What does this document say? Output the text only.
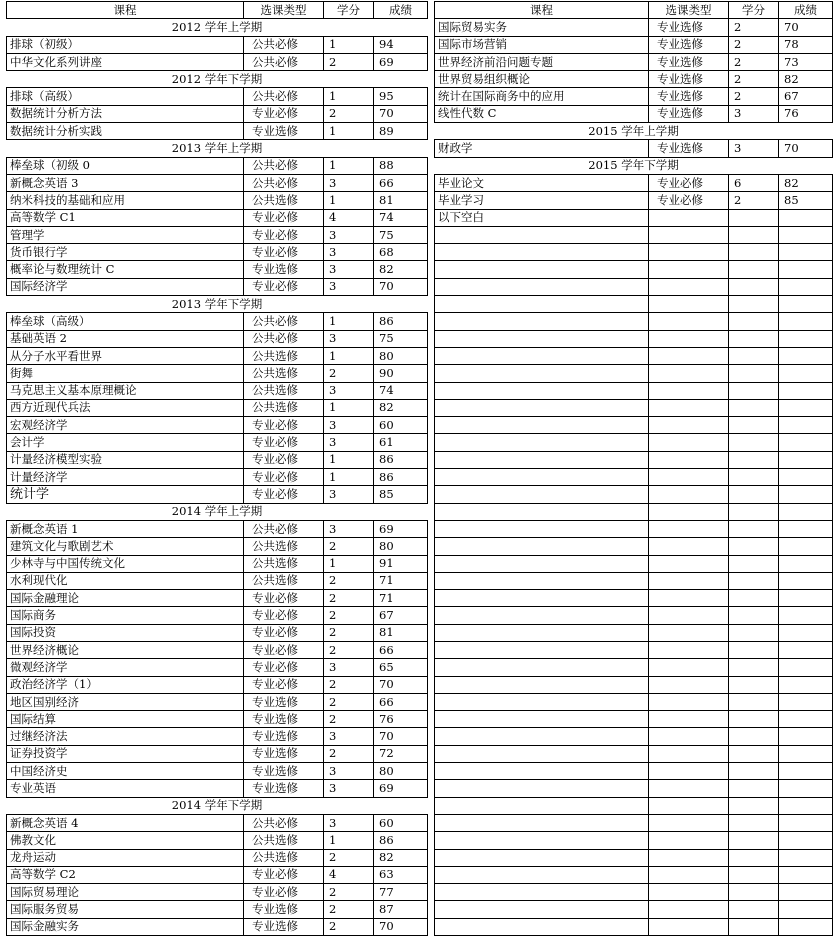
课程	选课类型	学分	成绩
2012 学年上学期			
排球（初级）	公共必修	1	94
中华文化系列讲座	公共必修	2	69
2012 学年下学期			
排球（高级）	公共必修	1	95
数据统计分析方法	专业必修	2	70
数据统计分析实践	专业选修	1	89
2013 学年上学期			
棒垒球（初级 0	公共必修	1	88
新概念英语 3	公共必修	3	66
纳米科技的基础和应用	公共选修	1	81
高等数学 C1	专业必修	4	74
管理学	专业必修	3	75
货币银行学	专业必修	3	68
概率论与数理统计 C	专业选修	3	82
国际经济学	专业必修	3	70
2013 学年下学期			
棒垒球（高级）	公共必修	1	86
基础英语 2	公共必修	3	75
从分子水平看世界	公共选修	1	80
街舞	公共选修	2	90
马克思主义基本原理概论	公共选修	3	74
西方近现代兵法	公共选修	1	82
宏观经济学	专业必修	3	60
会计学	专业必修	3	61
计量经济模型实验	专业必修	1	86
计量经济学	专业必修	1	86
统计学	专业必修	3	85
2014 学年上学期			
新概念英语 1	公共必修	3	69
建筑文化与歌剧艺术	公共选修	2	80
少林寺与中国传统文化	公共选修	1	91
水利现代化	公共选修	2	71
国际金融理论	专业必修	2	71
国际商务	专业必修	2	67
国际投资	专业必修	2	81
世界经济概论	专业必修	2	66
微观经济学	专业必修	3	65
政治经济学（1）	专业必修	2	70
地区国别经济	专业选修	2	66
国际结算	专业选修	2	76
过继经济法	专业选修	3	70
证券投资学	专业选修	2	72
中国经济史	专业选修	3	80
专业英语	专业选修	3	69
2014 学年下学期			
新概念英语 4	公共必修	3	60
佛教文化	公共选修	1	86
龙舟运动	公共选修	2	82
高等数学 C2	专业必修	4	63
国际贸易理论	专业必修	2	77
国际服务贸易	专业选修	2	87
国际金融实务	专业选修	2	70
课程	选课类型	学分	成绩
国际贸易实务	专业选修	2	70
国际市场营销	专业选修	2	78
世界经济前沿问题专题	专业选修	2	73
世界贸易组织概论	专业选修	2	82
统计在国际商务中的应用	专业选修	2	67
线性代数 C	专业选修	3	76
2015 学年上学期			
财政学	专业选修	3	70
2015 学年下学期			
毕业论文	专业必修	6	82
毕业学习	专业必修	2	85
以下空白			
